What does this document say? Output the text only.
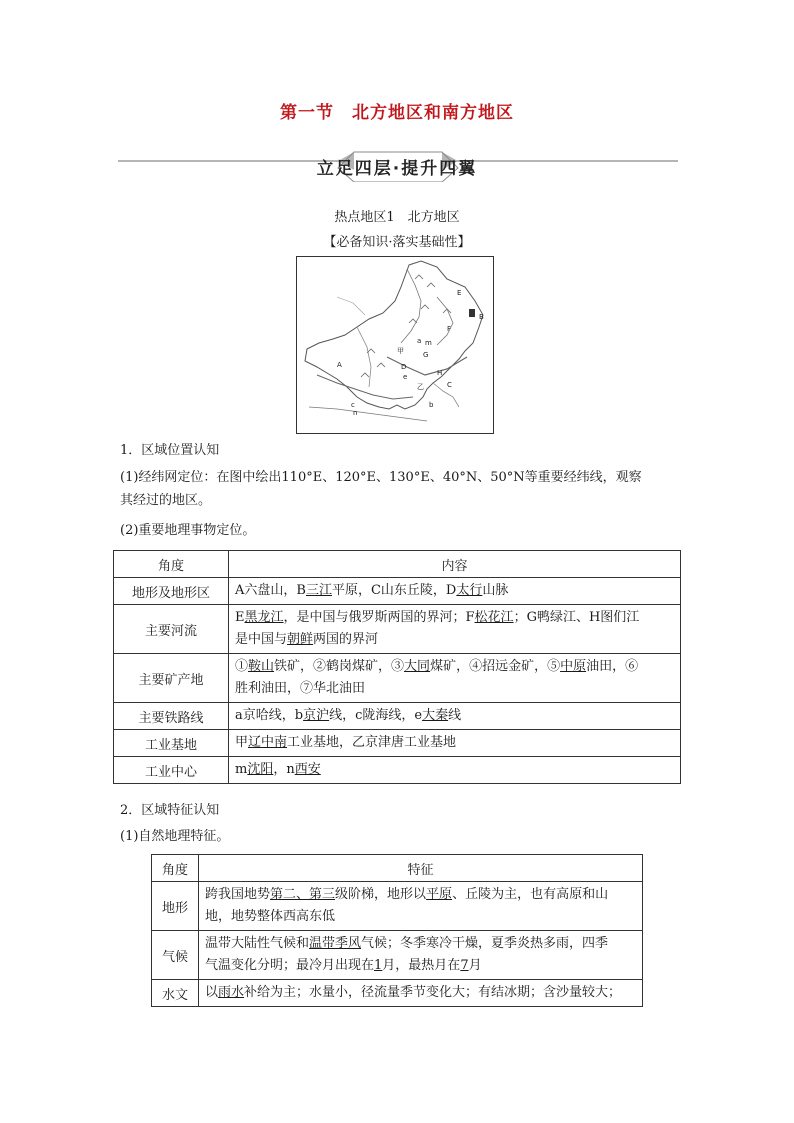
第一节　北方地区和南方地区
立足四层·提升四翼
热点地区1　北方地区
【必备知识·落实基础性】
E
B
F
G
H
D
A
C
a
b
c
e
甲
乙
m
n
1．区域位置认知
(1)经纬网定位：在图中绘出110°E、120°E、130°E、40°N、50°N等重要经纬线，观察
其经过的地区。
(2)重要地理事物定位。
角度	内容
地形及地形区	A六盘山，B三江平原，C山东丘陵，D太行山脉

主要河流	E黑龙江，是中国与俄罗斯两国的界河；F松花江；G鸭绿江、H图们江
是中国与朝鲜两国的界河

主要矿产地	①鞍山铁矿，②鹤岗煤矿，③大同煤矿，④招远金矿，⑤中原油田，⑥
胜利油田，⑦华北油田

主要铁路线	a京哈线，b京沪线，c陇海线，e大秦线

工业基地	甲辽中南工业基地，乙京津唐工业基地

工业中心	m沈阳，n西安
2．区域特征认知
(1)自然地理特征。
角度	特征
地形	跨我国地势第二、第三级阶梯，地形以平原、丘陵为主，也有高原和山
地，地势整体西高东低

气候	温带大陆性气候和温带季风气候；冬季寒冷干燥，夏季炎热多雨，四季
气温变化分明；最冷月出现在1月，最热月在7月

水文	以雨水补给为主；水量小，径流量季节变化大；有结冰期；含沙量较大；
